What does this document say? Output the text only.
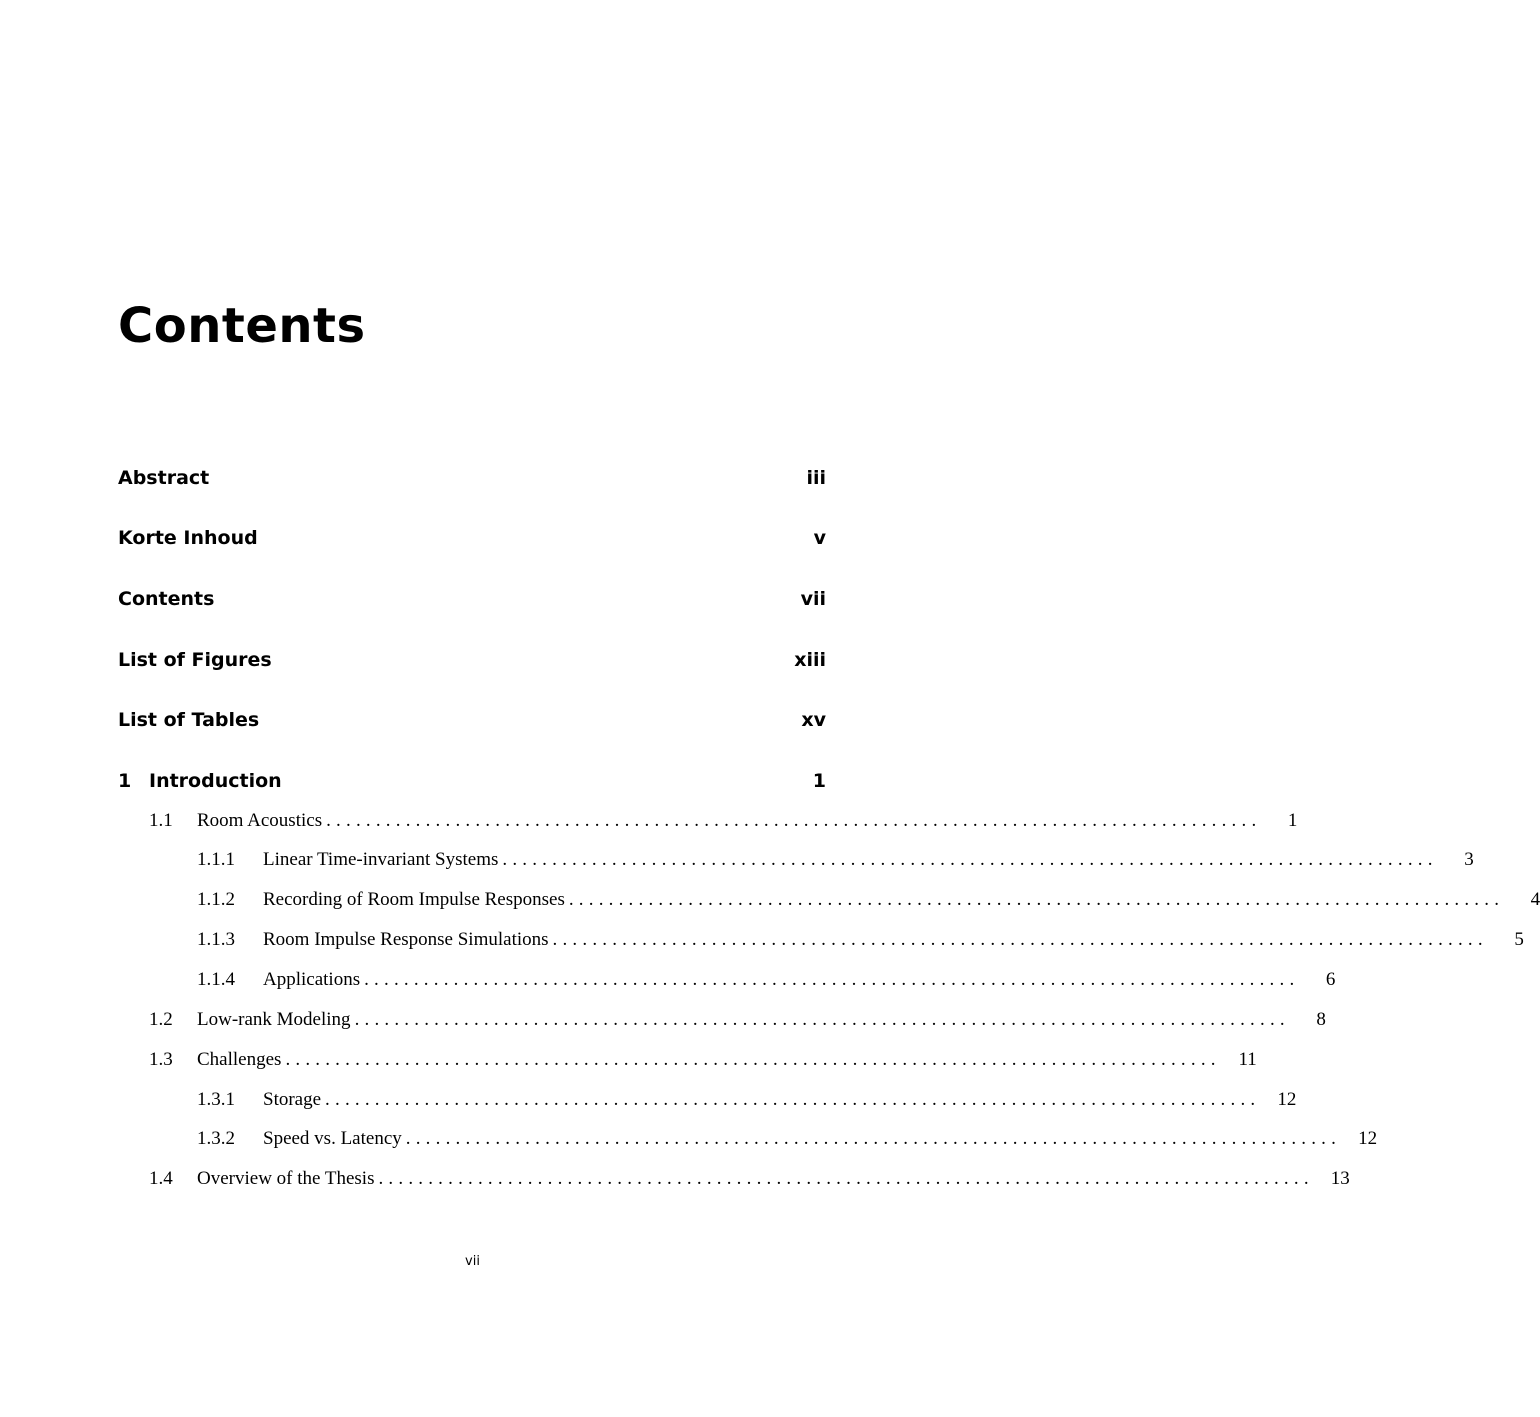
Contents
Abstract	iii
Korte Inhoud	v
Contents	vii
List of Figures	xiii
List of Tables	xv
1 Introduction	1
1.1	Room Acoustics ..............................................................................................	1
1.1.1	Linear Time-invariant Systems ..............................................................................................	3
1.1.2	Recording of Room Impulse Responses ..............................................................................................	4
1.1.3	Room Impulse Response Simulations ..............................................................................................	5
1.1.4	Applications ..............................................................................................	6
1.2	Low-rank Modeling ..............................................................................................	8
1.3	Challenges .............................................................................................. 11
1.3.1	Storage .............................................................................................. 12
1.3.2	Speed vs. Latency .............................................................................................. 12
1.4	Overview of the Thesis .............................................................................................. 13
vii
